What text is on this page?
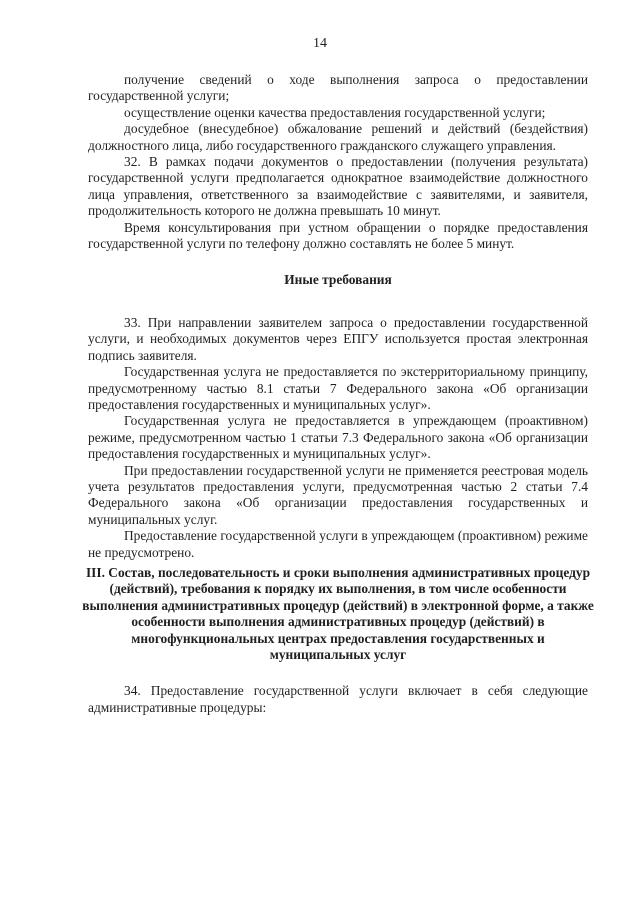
14

получение сведений о ходе выполнения запроса о предоставлении государственной услуги;

осуществление оценки качества предоставления государственной услуги;

досудебное (внесудебное) обжалование решений и действий (бездействия) должностного лица, либо государственного гражданского служащего управления.

32. В рамках подачи документов о предоставлении (получения результата) государственной услуги предполагается однократное взаимодействие должностного лица управления, ответственного за взаимодействие с заявителями, и заявителя, продолжительность которого не должна превышать 10 минут.

Время консультирования при устном обращении о порядке предоставления государственной услуги по телефону должно составлять не более 5 минут.

Иные требования

33. При направлении заявителем запроса о предоставлении государственной услуги, и необходимых документов через ЕПГУ используется простая электронная подпись заявителя.

Государственная услуга не предоставляется по экстерриториальному принципу, предусмотренному частью 8.1 статьи 7 Федерального закона «Об организации предоставления государственных и муниципальных услуг».

Государственная услуга не предоставляется в упреждающем (проактивном) режиме, предусмотренном частью 1 статьи 7.3 Федерального закона «Об организации предоставления государственных и муниципальных услуг».

При предоставлении государственной услуги не применяется реестровая модель учета результатов предоставления услуги, предусмотренная частью 2 статьи 7.4 Федерального закона «Об организации предоставления государственных и муниципальных услуг.

Предоставление государственной услуги в упреждающем (проактивном) режиме не предусмотрено.

III. Состав, последовательность и сроки выполнения административных процедур (действий), требования к порядку их выполнения, в том числе особенности выполнения административных процедур (действий) в электронной форме, а также особенности выполнения административных процедур (действий) в многофункциональных центрах предоставления государственных и муниципальных услуг

34. Предоставление государственной услуги включает в себя следующие административные процедуры:
